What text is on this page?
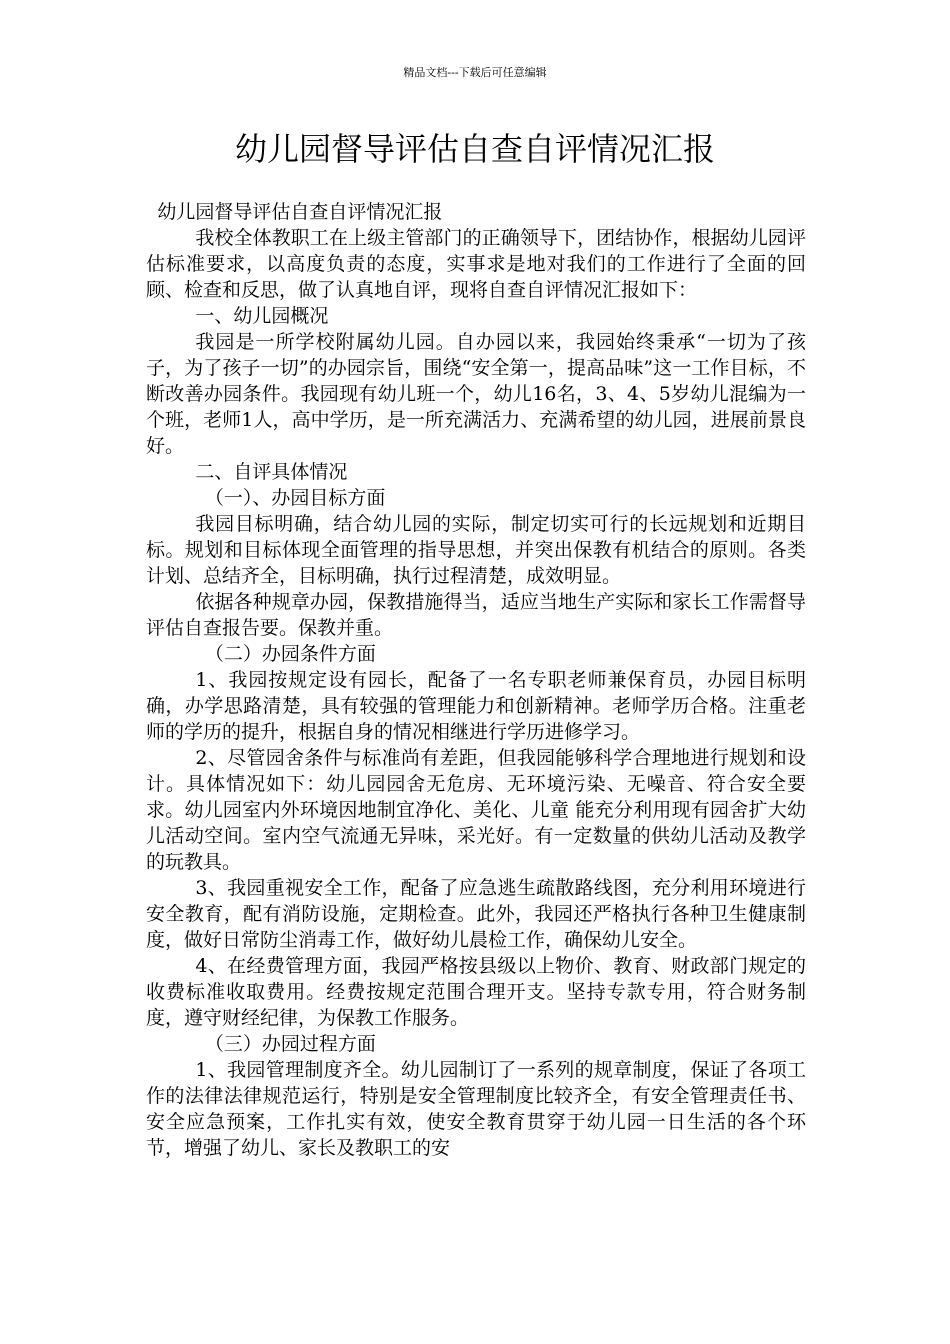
精品文档---下载后可任意编辑
幼儿园督导评估自查自评情况汇报

幼儿园督导评估自查自评情况汇报

我校全体教职工在上级主管部门的正确领导下，团结协作，根据幼儿园评估标准要求，以高度负责的态度，实事求是地对我们的工作进行了全面的回顾、检查和反思，做了认真地自评，现将自查自评情况汇报如下：

一、幼儿园概况

我园是一所学校附属幼儿园。自办园以来，我园始终秉承“一切为了孩子，为了孩子一切”的办园宗旨，围绕“安全第一，提高品味”这一工作目标，不断改善办园条件。我园现有幼儿班一个，幼儿16名，3、4、5岁幼儿混编为一个班，老师1人，高中学历，是一所充满活力、充满希望的幼儿园，进展前景良好。

二、自评具体情况

（一）、办园目标方面

我园目标明确，结合幼儿园的实际，制定切实可行的长远规划和近期目标。规划和目标体现全面管理的指导思想，并突出保教有机结合的原则。各类计划、总结齐全，目标明确，执行过程清楚，成效明显。

依据各种规章办园，保教措施得当，适应当地生产实际和家长工作需督导评估自查报告要。保教并重。

（二）办园条件方面

1、我园按规定设有园长，配备了一名专职老师兼保育员，办园目标明确，办学思路清楚，具有较强的管理能力和创新精神。老师学历合格。注重老师的学历的提升，根据自身的情况相继进行学历进修学习。

2、尽管园舍条件与标准尚有差距，但我园能够科学合理地进行规划和设计。具体情况如下：幼儿园园舍无危房、无环境污染、无噪音、符合安全要求。幼儿园室内外环境因地制宜净化、美化、儿童 能充分利用现有园舍扩大幼儿活动空间。室内空气流通无异味，采光好。有一定数量的供幼儿活动及教学的玩教具。

3、我园重视安全工作，配备了应急逃生疏散路线图，充分利用环境进行安全教育，配有消防设施，定期检查。此外，我园还严格执行各种卫生健康制度，做好日常防尘消毒工作，做好幼儿晨检工作，确保幼儿安全。

4、在经费管理方面，我园严格按县级以上物价、教育、财政部门规定的收费标准收取费用。经费按规定范围合理开支。坚持专款专用，符合财务制度，遵守财经纪律，为保教工作服务。

（三）办园过程方面

1、我园管理制度齐全。幼儿园制订了一系列的规章制度，保证了各项工作的法律法律规范运行，特别是安全管理制度比较齐全，有安全管理责任书、安全应急预案，工作扎实有效，使安全教育贯穿于幼儿园一日生活的各个环节，增强了幼儿、家长及教职工的安
